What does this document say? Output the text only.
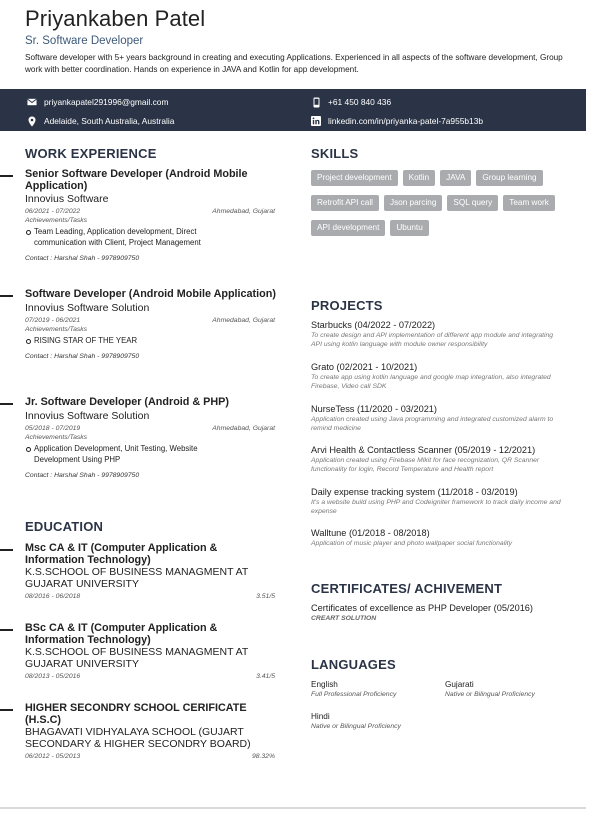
Priyankaben Patel
Sr. Software Developer
Software developer with 5+ years background in creating and executing Applications. Experienced in all aspects of the software development, Group work with better coordination. Hands on experience in JAVA and Kotlin for app development.
priyankapatel291996@gmail.com	+61 450 840 436
Adelaide, South Australia, Australia	linkedin.com/in/priyanka-patel-7a955b13b
WORK EXPERIENCE
Senior Software Developer (Android Mobile Application)
Innovius Software
06/2021 - 07/2022	Ahmedabad, Gujarat
Achievements/Tasks
Team Leading, Application development, Direct communication with Client, Project Management
Contact : Harshal Shah - 9978909750
Software Developer (Android Mobile Application)
Innovius Software Solution
07/2019 - 06/2021	Ahmedabad, Gujarat
Achievements/Tasks
RISING STAR OF THE YEAR
Contact : Harshal Shah - 9978909750
Jr. Software Developer (Android & PHP)
Innovius Software Solution
05/2018 - 07/2019	Ahmedabad, Gujarat
Achievements/Tasks
Application Development, Unit Testing, Website Development Using PHP
Contact : Harshal Shah - 9978909750
EDUCATION
Msc CA & IT (Computer Application & Information Technology)
K.S.SCHOOL OF BUSINESS MANAGMENT AT GUJARAT UNIVERSITY
08/2016 - 06/2018	3.51/5
BSc CA & IT (Computer Application & Information Technology)
K.S.SCHOOL OF BUSINESS MANAGMENT AT GUJARAT UNIVERSITY
08/2013 - 05/2016	3.41/5
HIGHER SECONDRY SCHOOL CERIFICATE (H.S.C)
BHAGAVATI VIDHYALAYA SCHOOL (GUJART SECONDARY & HIGHER SECONDRY BOARD)
06/2012 - 05/2013	98.32%
SKILLS
Project development	Kotlin	JAVA	Group learning
Retrofit API call	Json parcing	SQL query	Team work
API development	Ubuntu
PROJECTS
Starbucks (04/2022 - 07/2022)
To create design and API implementation of different app module and integrating API using kotlin language with module owner responsibility
Grato (02/2021 - 10/2021)
To create app using kotlin language and google map integration, also integrated Firebase, Video call SDK
NurseTess (11/2020 - 03/2021)
Application created using Java programming and integrated customized alarm to remind medicine
Arvi Health & Contactless Scanner (05/2019 - 12/2021)
Application created using Firebase Mlkit for face recognization, QR Scanner functionality for login, Record Temperature and Health report
Daily expense tracking system (11/2018 - 03/2019)
It's a website build using PHP and Codeigniter framework to track daily income and expense
Walltune (01/2018 - 08/2018)
Application of music player and photo wallpaper social functionality
CERTIFICATES/ ACHIVEMENT
Certificates of excellence as PHP Developer (05/2016)
CREART SOLUTION
LANGUAGES
English
Full Professional Proficiency
Gujarati
Native or Bilingual Proficiency
Hindi
Native or Bilingual Proficiency
